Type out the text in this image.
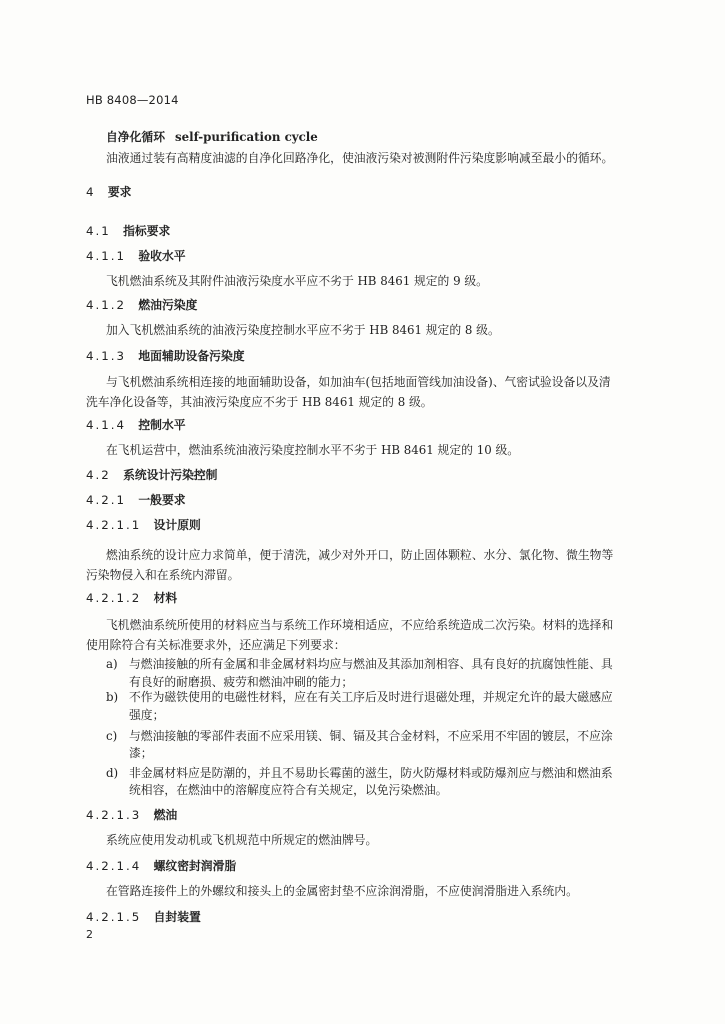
HB 8408—2014
自净化循环 self-purification cycle
油液通过装有高精度油滤的自净化回路净化，使油液污染对被测附件污染度影响减至最小的循环。
4 要求
4.1 指标要求
4.1.1 验收水平
飞机燃油系统及其附件油液污染度水平应不劣于 HB 8461 规定的 9 级。
4.1.2 燃油污染度
加入飞机燃油系统的油液污染度控制水平应不劣于 HB 8461 规定的 8 级。
4.1.3 地面辅助设备污染度
与飞机燃油系统相连接的地面辅助设备，如加油车(包括地面管线加油设备)、气密试验设备以及清
洗车净化设备等，其油液污染度应不劣于 HB 8461 规定的 8 级。
4.1.4 控制水平
在飞机运营中，燃油系统油液污染度控制水平不劣于 HB 8461 规定的 10 级。
4.2 系统设计污染控制
4.2.1 一般要求
4.2.1.1 设计原则
燃油系统的设计应力求简单，便于清洗，减少对外开口，防止固体颗粒、水分、氯化物、微生物等
污染物侵入和在系统内滞留。
4.2.1.2 材料
飞机燃油系统所使用的材料应当与系统工作环境相适应，不应给系统造成二次污染。材料的选择和
使用除符合有关标准要求外，还应满足下列要求：
a) 与燃油接触的所有金属和非金属材料均应与燃油及其添加剂相容、具有良好的抗腐蚀性能、具
有良好的耐磨损、疲劳和燃油冲刷的能力；
b) 不作为磁铁使用的电磁性材料，应在有关工序后及时进行退磁处理，并规定允许的最大磁感应
强度；
c) 与燃油接触的零部件表面不应采用镁、铜、镉及其合金材料，不应采用不牢固的镀层，不应涂
漆；
d) 非金属材料应是防潮的，并且不易助长霉菌的滋生，防火防爆材料或防爆剂应与燃油和燃油系
统相容，在燃油中的溶解度应符合有关规定，以免污染燃油。
4.2.1.3 燃油
系统应使用发动机或飞机规范中所规定的燃油牌号。
4.2.1.4 螺纹密封润滑脂
在管路连接件上的外螺纹和接头上的金属密封垫不应涂润滑脂，不应使润滑脂进入系统内。
4.2.1.5 自封装置
2
